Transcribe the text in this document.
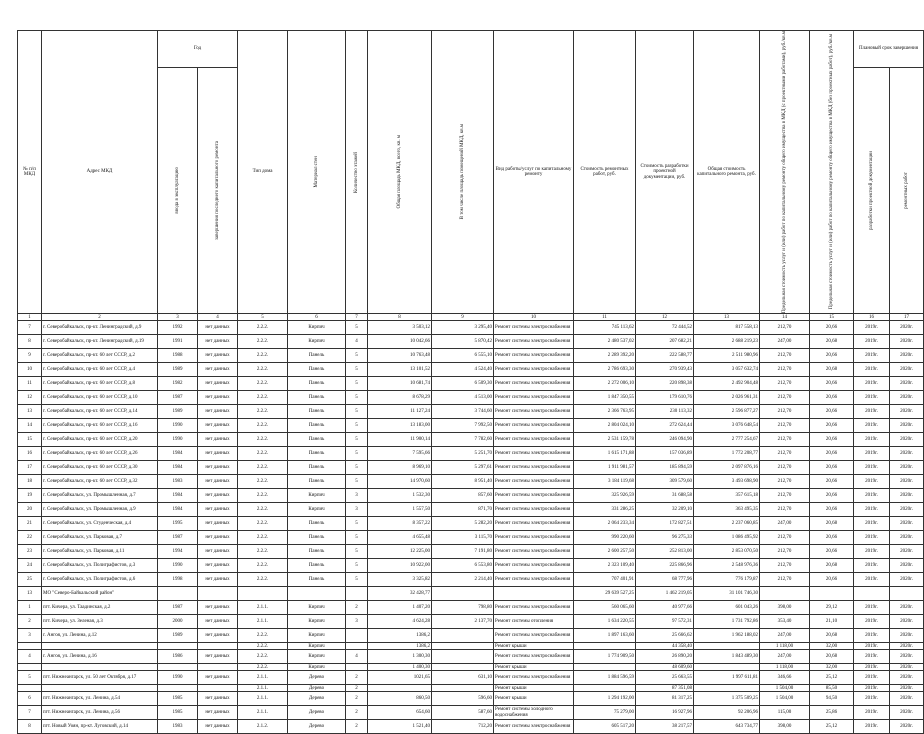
№ п/п МКД	Адрес МКД	Год		Тип дома	Материал стен	Количество этажей	Общая площадь МКД, всего, кв. м	В том числе площадь помещений МКД, кв.м	Вид работы/услуг по капитальному ремонту	Стоимость ремонтных работ, руб.	Стоимость разработки проектной документации, руб.	Общая стоимость капитального ремонта, руб.	Предельная стоимость услуг и (или) работ по капитальному ремонту общего имущества в МКД (с проектными работами), руб./кв.м	Предельная стоимость услуг и (или) работ по капитальному ремонту общего имущества в МКД (без проектных работ), руб./кв.м	Плановый срок завершения	

		ввода в эксплуатацию	завершения последнего капитального ремонта												разработки проектной документации	ремонтных работ

1	2	3	4	5	6	7	8	9	10	11	12	13	14	15	16	17
7	г. Северобайкальск, пр-кт. Ленинградский, д.9	1992	нет данных	2.2.2.	Кирпич	5	3 503,12	3 295,40	Ремонт системы электроснабжения	745 113,62	72 444,52	817 558,13	212,70	20,66	2019г.	2020г.
8	г. Северобайкальск, пр-кт. Ленинградский, д.19	1991	нет данных	2.2.2.	Кирпич	4	10 042,66	5 870,42	Ремонт системы электроснабжения	2 480 537,02	207 682,21	2 688 219,23	247,00	20,68	2019г.	2020г.
9	г. Северобайкальск, пр-кт. 60 лет СССР, д.2	1988	нет данных	2.2.2.	Панель	5	10 763,48	6 555,10	Ремонт системы электроснабжения	2 289 392,20	222 588,77	2 511 980,96	212,70	20,66	2019г.	2020г.
10	г. Северобайкальск, пр-кт. 60 лет СССР, д.4	1989	нет данных	2.2.2.	Панель	5	13 101,52	4 524,40	Ремонт системы электроснабжения	2 786 693,30	270 939,43	3 057 632,74	212,70	20,68	2019г.	2020г.
11	г. Северобайкальск, пр-кт. 60 лет СССР, д.8	1982	нет данных	2.2.2.	Панель	5	10 681,74	6 509,30	Ремонт системы электроснабжения	2 272 006,10	220 898,38	2 492 904,48	212,70	20,66	2019г.	2020г.
12	г. Северобайкальск, пр-кт. 60 лет СССР, д.10	1987	нет данных	2.2.2.	Панель	5	8 678,29	4 513,00	Ремонт системы электроснабжения	1 847 350,55	179 610,76	2 026 961,31	212,70	20,66	2019г.	2020г.
13	г. Северобайкальск, пр-кт. 60 лет СССР, д.14	1989	нет данных	2.2.2.	Панель	5	11 127,24	3 744,60	Ремонт системы электроснабжения	2 366 763,95	230 113,32	2 596 877,27	212,70	20,66	2019г.	2020г.
14	г. Северобайкальск, пр-кт. 60 лет СССР, д.16	1990	нет данных	2.2.2.	Панель	5	13 183,00	7 992,50	Ремонт системы электроснабжения	2 804 024,10	272 624,44	3 076 648,54	212,70	20,66	2019г.	2020г.
15	г. Северобайкальск, пр-кт. 60 лет СССР, д.20	1990	нет данных	2.2.2.	Панель	5	11 900,14	7 782,60	Ремонт системы электроснабжения	2 531 159,78	246 094,90	2 777 254,67	212,70	20,66	2019г.	2020г.
16	г. Северобайкальск, пр-кт. 60 лет СССР, д.26	1984	нет данных	2.2.2.	Панель	5	7 595,66	5 251,70	Ремонт системы электроснабжения	1 615 171,88	157 036,89	1 772 208,77	212,70	20,66	2019г.	2020г.
17	г. Северобайкальск, пр-кт. 60 лет СССР, д.30	1984	нет данных	2.2.2.	Панель	5	8 969,10	5 297,61	Ремонт системы электроснабжения	1 911 981,57	185 894,59	2 097 876,16	212,70	20,66	2019г.	2020г.
18	г. Северобайкальск, пр-кт. 60 лет СССР, д.32	1983	нет данных	2.2.2.	Панель	5	14 970,60	8 951,40	Ремонт системы электроснабжения	3 184 119,68	309 579,60	3 493 698,90	212,70	20,66	2019г.	2020г.
19	г. Северобайкальск, ул. Промышленная, д.7	1984	нет данных	2.2.2.	Кирпич	3	1 532,30	857,60	Ремонт системы электроснабжения	325 926,59	31 688,58	357 615,18	212,70	20,66	2019г.	2020г.
20	г. Северобайкальск, ул. Промышленная, д.9	1984	нет данных	2.2.2.	Кирпич	3	1 557,50	871,70	Ремонт системы электроснабжения	331 286,25	32 209,10	363 495,35	212,70	20,66	2019г.	2020г.
21	г. Северобайкальск, ул. Студенческая, д.4	1995	нет данных	2.2.2.	Панель	5	8 357,22	5 282,20	Ремонт системы электроснабжения	2 064 233,34	172 827,51	2 237 060,85	247,00	20,68	2019г.	2020г.
22	г. Северобайкальск, ул. Парковая, д.7	1987	нет данных	2.2.2.	Панель	5	4 655,48	3 115,70	Ремонт системы электроснабжения	990 220,60	96 275,33	1 086 495,92	212,70	20,66	2019г.	2020г.
23	г. Северобайкальск, ул. Парковая, д.11	1994	нет данных	2.2.2.	Панель	5	12 225,00	7 191,80	Ремонт системы электроснабжения	2 600 257,50	252 813,00	2 853 070,50	212,70	20,66	2019г.	2020г.
24	г. Северобайкальск, ул. Полиграфистов, д.3	1990	нет данных	2.2.2.	Панель	5	10 922,00	6 553,80	Ремонт системы электроснабжения	2 323 109,40	225 866,96	2 548 976,36	212,70	20,68	2019г.	2020г.
25	г. Северобайкальск, ул. Полиграфистов, д.6	1998	нет данных	2.2.2.	Панель	5	3 325,82	2 214,40	Ремонт системы электроснабжения	707 401,91	68 777,96	776 179,87	212,70	20,66	2019г.	2020г.
13	МО "Северо-Байкальский район"						32 428,77			29 639 527,25	1 462 219,05	31 101 746,30				
1	пгт. Кичера, ул. Таадинская, д.2	1987	нет данных	2.1.1.	Кирпич	2	1 407,20	798,80	Ремонт системы электроснабжения	560 065,60	40 977,66	601 043,26	398,00	29,12	2019г.	2020г.
2	пгт. Кичера, ул. Зеленая, д.3	2000	нет данных	2.1.1.	Кирпич	3	4 624,28	2 137,70	Ремонт системы отопления	1 634 220,55	97 572,31	1 731 792,86	353,40	21,10	2019г.	2020г.
3	г. Ангоя, ул. Ленина, д.12	1989	нет данных	2.2.2.	Кирпич		1386,2		Ремонт системы электроснабжения	1 897 163,60	25 666,62	1 962 188,02	247,00	20,68	2019г.	2020г.
				2.2.2.	Кирпич		1386,2		Ремонт крыши		44 358,40		1 118,00	32,00	2019г.	2020г.
4	г. Ангоя, ул. Ленина, д.16	1986	нет данных	2.2.2.	Кирпич	4	1 300,30		Ремонт системы электроснабжения	1 774 909,50	26 890,20	1 843 489,30	247,00	20,68	2019г.	2020г.
				2.2.2.	Кирпич		1 400,30		Ремонт крыши		48 609,60		1 118,00	32,00	2019г.	2020г.
5	пгт. Нижнеангарск, ул. 50 лет Октября, д.17	1990	нет данных	2.1.1.	Дерево	2	1021,65	631,10	Ремонт системы электроснабжения	1 884 596,59	25 663,55	1 997 611,81	346,66	25,12	2019г.	2020г.
				2.1.1.	Дерево	2			Ремонт крыши		87 351,08		1 504,00	85,50	2019г.	2020г.
6	пгт. Нижнеангарск, ул. Ленина, д.54	1985	нет данных	2.1.1.	Дерево	2	860,50	596,60	Ремонт крыши	1 294 192,00	81 317,25	1 375 509,25	1 504,00	94,50	2019г.	2020г.
7	пгт. Нижнеангарск, ул. Ленина, д.56	1985	нет данных	2.1.1.	Дерево	2	654,60	587,60	Ремонт системы холодного водоснабжения	75 279,00	16 927,96	92 206,96	115,00	25,86	2019г.	2020г.
8	пгт. Новый Уоян, пр-кт. Луговский, д.14	1983	нет данных	2.1.2.	Дерево	2	1 521,40	712,20	Ремонт системы электроснабжения	605 517,20	38 217,57	643 734,77	398,00	25,12	2019г.	2020г.
